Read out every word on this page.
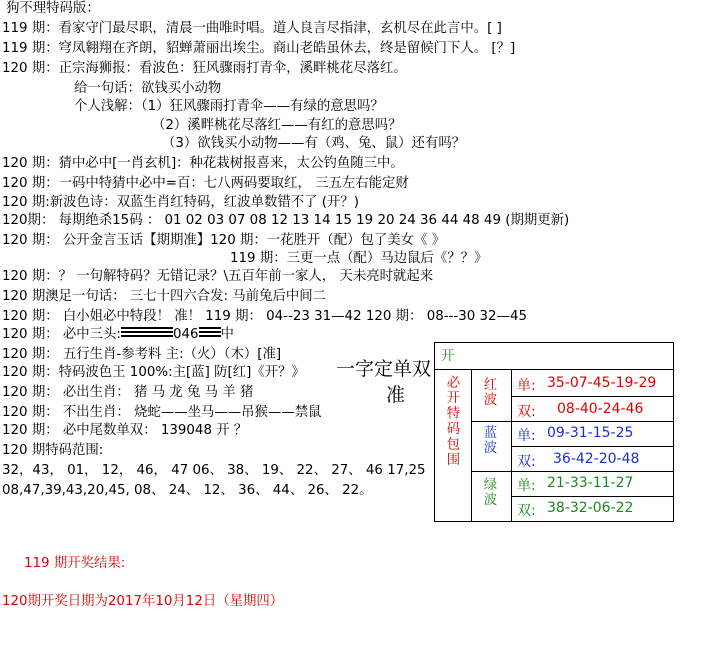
狗不理特码版：
119 期：看家守门最尽职，清晨一曲唯时唱。道人良言尽指津，玄机尽在此言中。[ ]
119 期：穹凤翱翔在齐朗，貂蝉萧丽出埃尘。商山老皓虽休去，终是留候门下人。 [？]
120 期：正宗海狮报：看波色：狂风骤雨打青伞，溪畔桃花尽落红。
给一句话：欲钱买小动物
个人浅解：（1）狂风骤雨打青伞——有绿的意思吗？
（2）溪畔桃花尽落红——有红的意思吗？
（3）欲钱买小动物——有（鸡、兔、鼠）还有吗？
120 期：猜中必中[一肖玄机]：种花栽树报喜来，太公钓鱼随三中。
120 期：一码中特猜中必中=百：七八两码要取红， 三五左右能定财
120 期:新波色诗：双蓝生肖红特码，红波单数错不了 (开？)
120期： 每期绝杀15码 ： 01 02 03 07 08 12 13 14 15 19 20 24 36 44 48 49 (期期更新)
120 期： 公开金言玉话【期期准】120 期：一花胜开（配）包了美女《 》
119 期：三更一点（配）马边鼠后《？？》
120 期：？ 一句解特码？无错记录？\五百年前一家人， 天未亮时就起来
120 期澳足一句话： 三七十四六合发: 马前兔后中间二
120 期： 白小姐必中特段！ 准！ 119 期： 04--23 31—42 120 期： 08---30 32—45
120 期： 必中三头:	046 中
120 期： 五行生肖-参考料 主:（火）（木）[准]
120 期：特码波色王 100%:主[蓝] 防[红]《开？》
120 期： 必出生肖： 猪 马 龙 兔 马 羊 猪
120 期： 不出生肖： 烧蛇——坐马——吊猴——禁鼠
120 期： 必中尾数单双： 139048 开 ？
120 期特码范围:
32，43， 01， 12， 46， 47 06、 38、 19、 22、 27、 46 17,25
08,47,39,43,20,45, 08、 24、 12、 36、 44、 26、 22。
一字定单双
准
119 期开奖结果:
120期开奖日期为2017年10月12日（星期四）
开
必开特码包围 红波 单: 35-07-45-19-29
双: 08-40-24-46
蓝波 单: 09-31-15-25
双: 36-42-20-48
绿波 单: 21-33-11-27
双: 38-32-06-22
